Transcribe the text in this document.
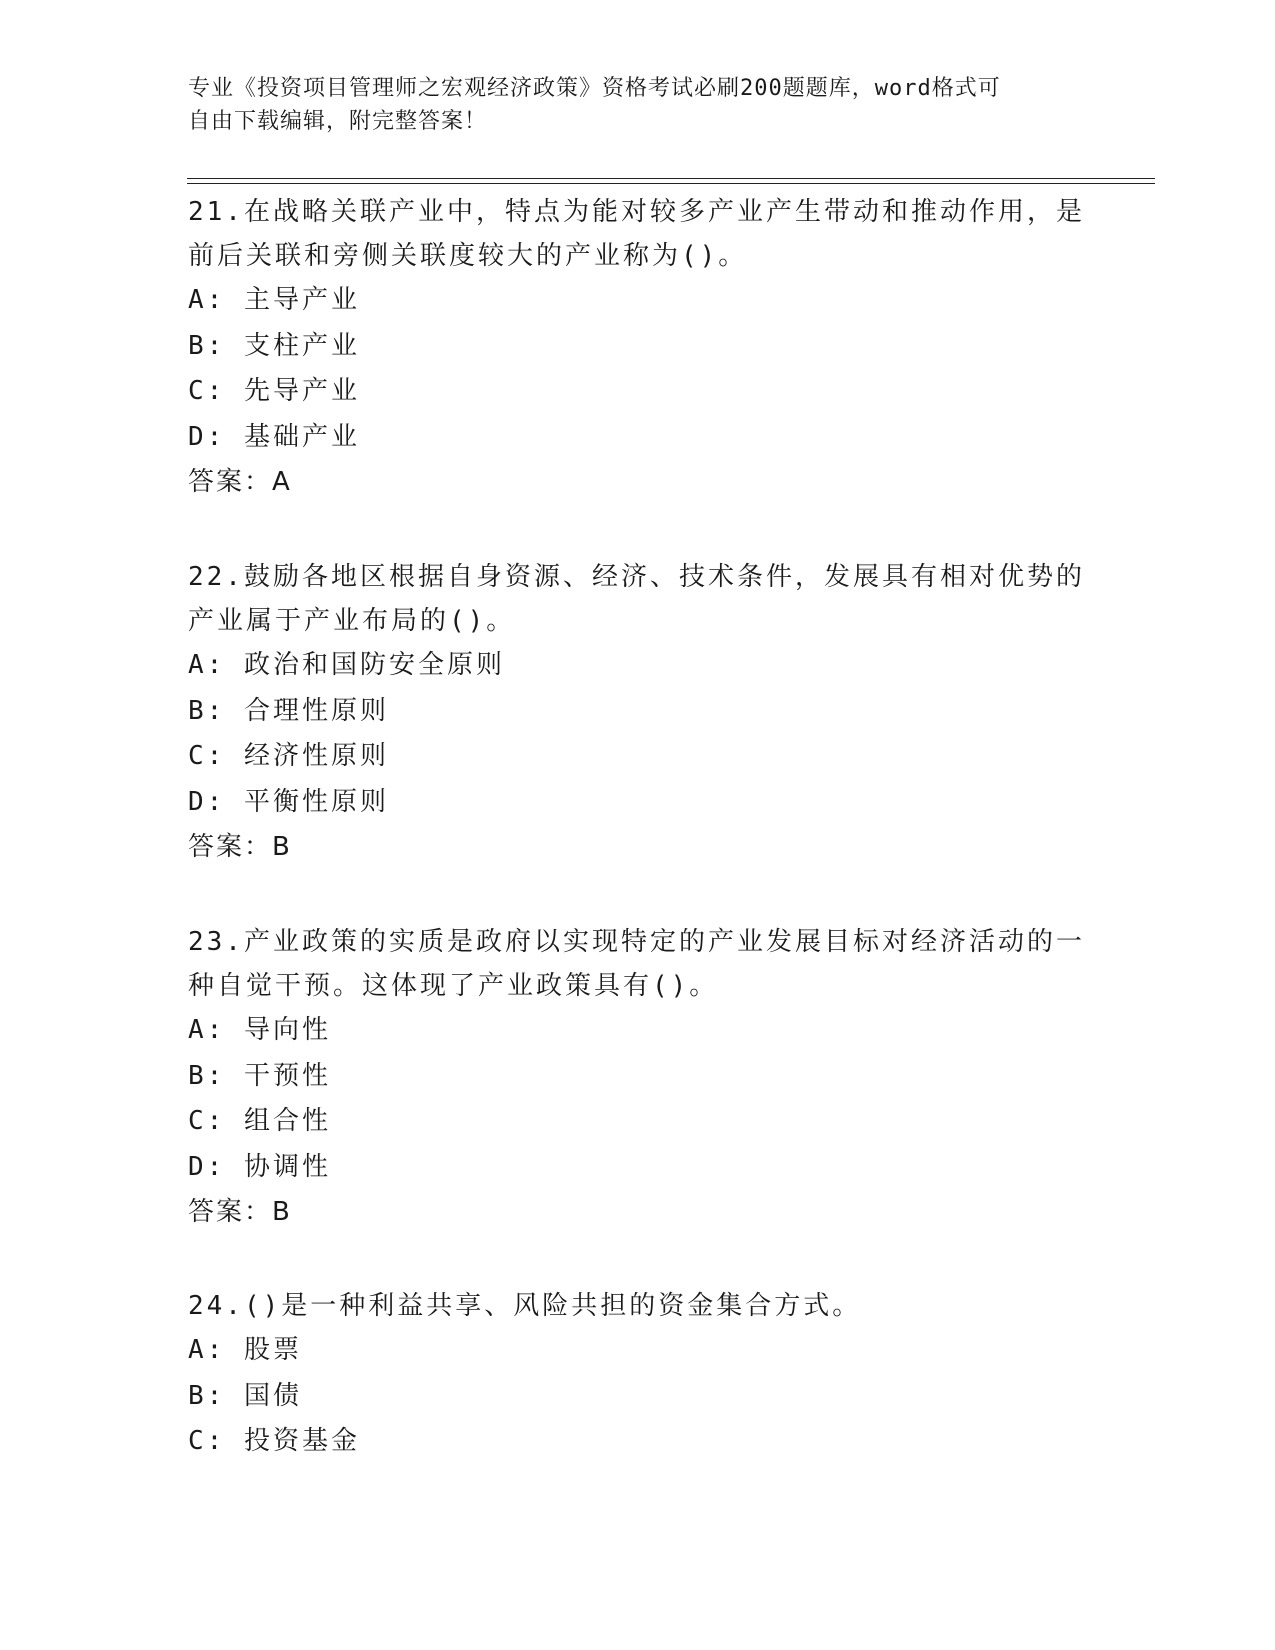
专业《投资项目管理师之宏观经济政策》资格考试必刷200题题库，word格式可
自由下载编辑，附完整答案！
21.在战略关联产业中，特点为能对较多产业产生带动和推动作用，是
前后关联和旁侧关联度较大的产业称为()。
A: 主导产业
B: 支柱产业
C: 先导产业
D: 基础产业
答案：A
22.鼓励各地区根据自身资源、经济、技术条件，发展具有相对优势的
产业属于产业布局的()。
A: 政治和国防安全原则
B: 合理性原则
C: 经济性原则
D: 平衡性原则
答案：B
23.产业政策的实质是政府以实现特定的产业发展目标对经济活动的一
种自觉干预。这体现了产业政策具有()。
A: 导向性
B: 干预性
C: 组合性
D: 协调性
答案：B
24.()是一种利益共享、风险共担的资金集合方式。
A: 股票
B: 国债
C: 投资基金
